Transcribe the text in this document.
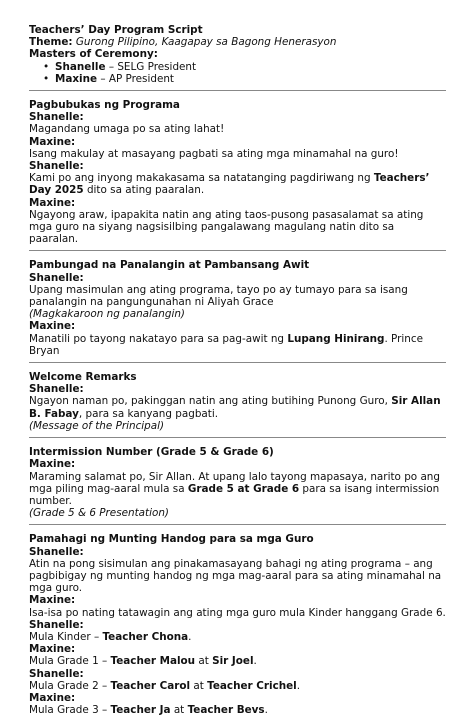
Teachers’ Day Program Script

Theme: Gurong Pilipino, Kaagapay sa Bagong Henerasyon

Masters of Ceremony:

• Shanelle – SELG President
• Maxine – AP President

Pagbubukas ng Programa

Shanelle:

Magandang umaga po sa ating lahat!

Maxine:

Isang makulay at masayang pagbati sa ating mga minamahal na guro!

Shanelle:

Kami po ang inyong makakasama sa natatanging pagdiriwang ng Teachers’ Day 2025 dito sa ating paaralan.

Maxine:

Ngayong araw, ipapakita natin ang ating taos-pusong pasasalamat sa ating mga guro na siyang nagsisilbing pangalawang magulang natin dito sa paaralan.

Pambungad na Panalangin at Pambansang Awit

Shanelle:

Upang masimulan ang ating programa, tayo po ay tumayo para sa isang panalangin na pangungunahan ni Aliyah Grace

(Magkakaroon ng panalangin)

Maxine:

Manatili po tayong nakatayo para sa pag-awit ng Lupang Hinirang. Prince Bryan

Welcome Remarks

Shanelle:

Ngayon naman po, pakinggan natin ang ating butihing Punong Guro, Sir Allan B. Fabay, para sa kanyang pagbati.

(Message of the Principal)

Intermission Number (Grade 5 & Grade 6)

Maxine:

Maraming salamat po, Sir Allan. At upang lalo tayong mapasaya, narito po ang mga piling mag-aaral mula sa Grade 5 at Grade 6 para sa isang intermission number.

(Grade 5 & 6 Presentation)

Pamahagi ng Munting Handog para sa mga Guro

Shanelle:

Atin na pong sisimulan ang pinakamasayang bahagi ng ating programa – ang pagbibigay ng munting handog ng mga mag-aaral para sa ating minamahal na mga guro.

Maxine:

Isa-isa po nating tatawagin ang ating mga guro mula Kinder hanggang Grade 6.

Shanelle:

Mula Kinder – Teacher Chona.

Maxine:

Mula Grade 1 – Teacher Malou at Sir Joel.

Shanelle:

Mula Grade 2 – Teacher Carol at Teacher Crichel.

Maxine:

Mula Grade 3 – Teacher Ja at Teacher Bevs.
